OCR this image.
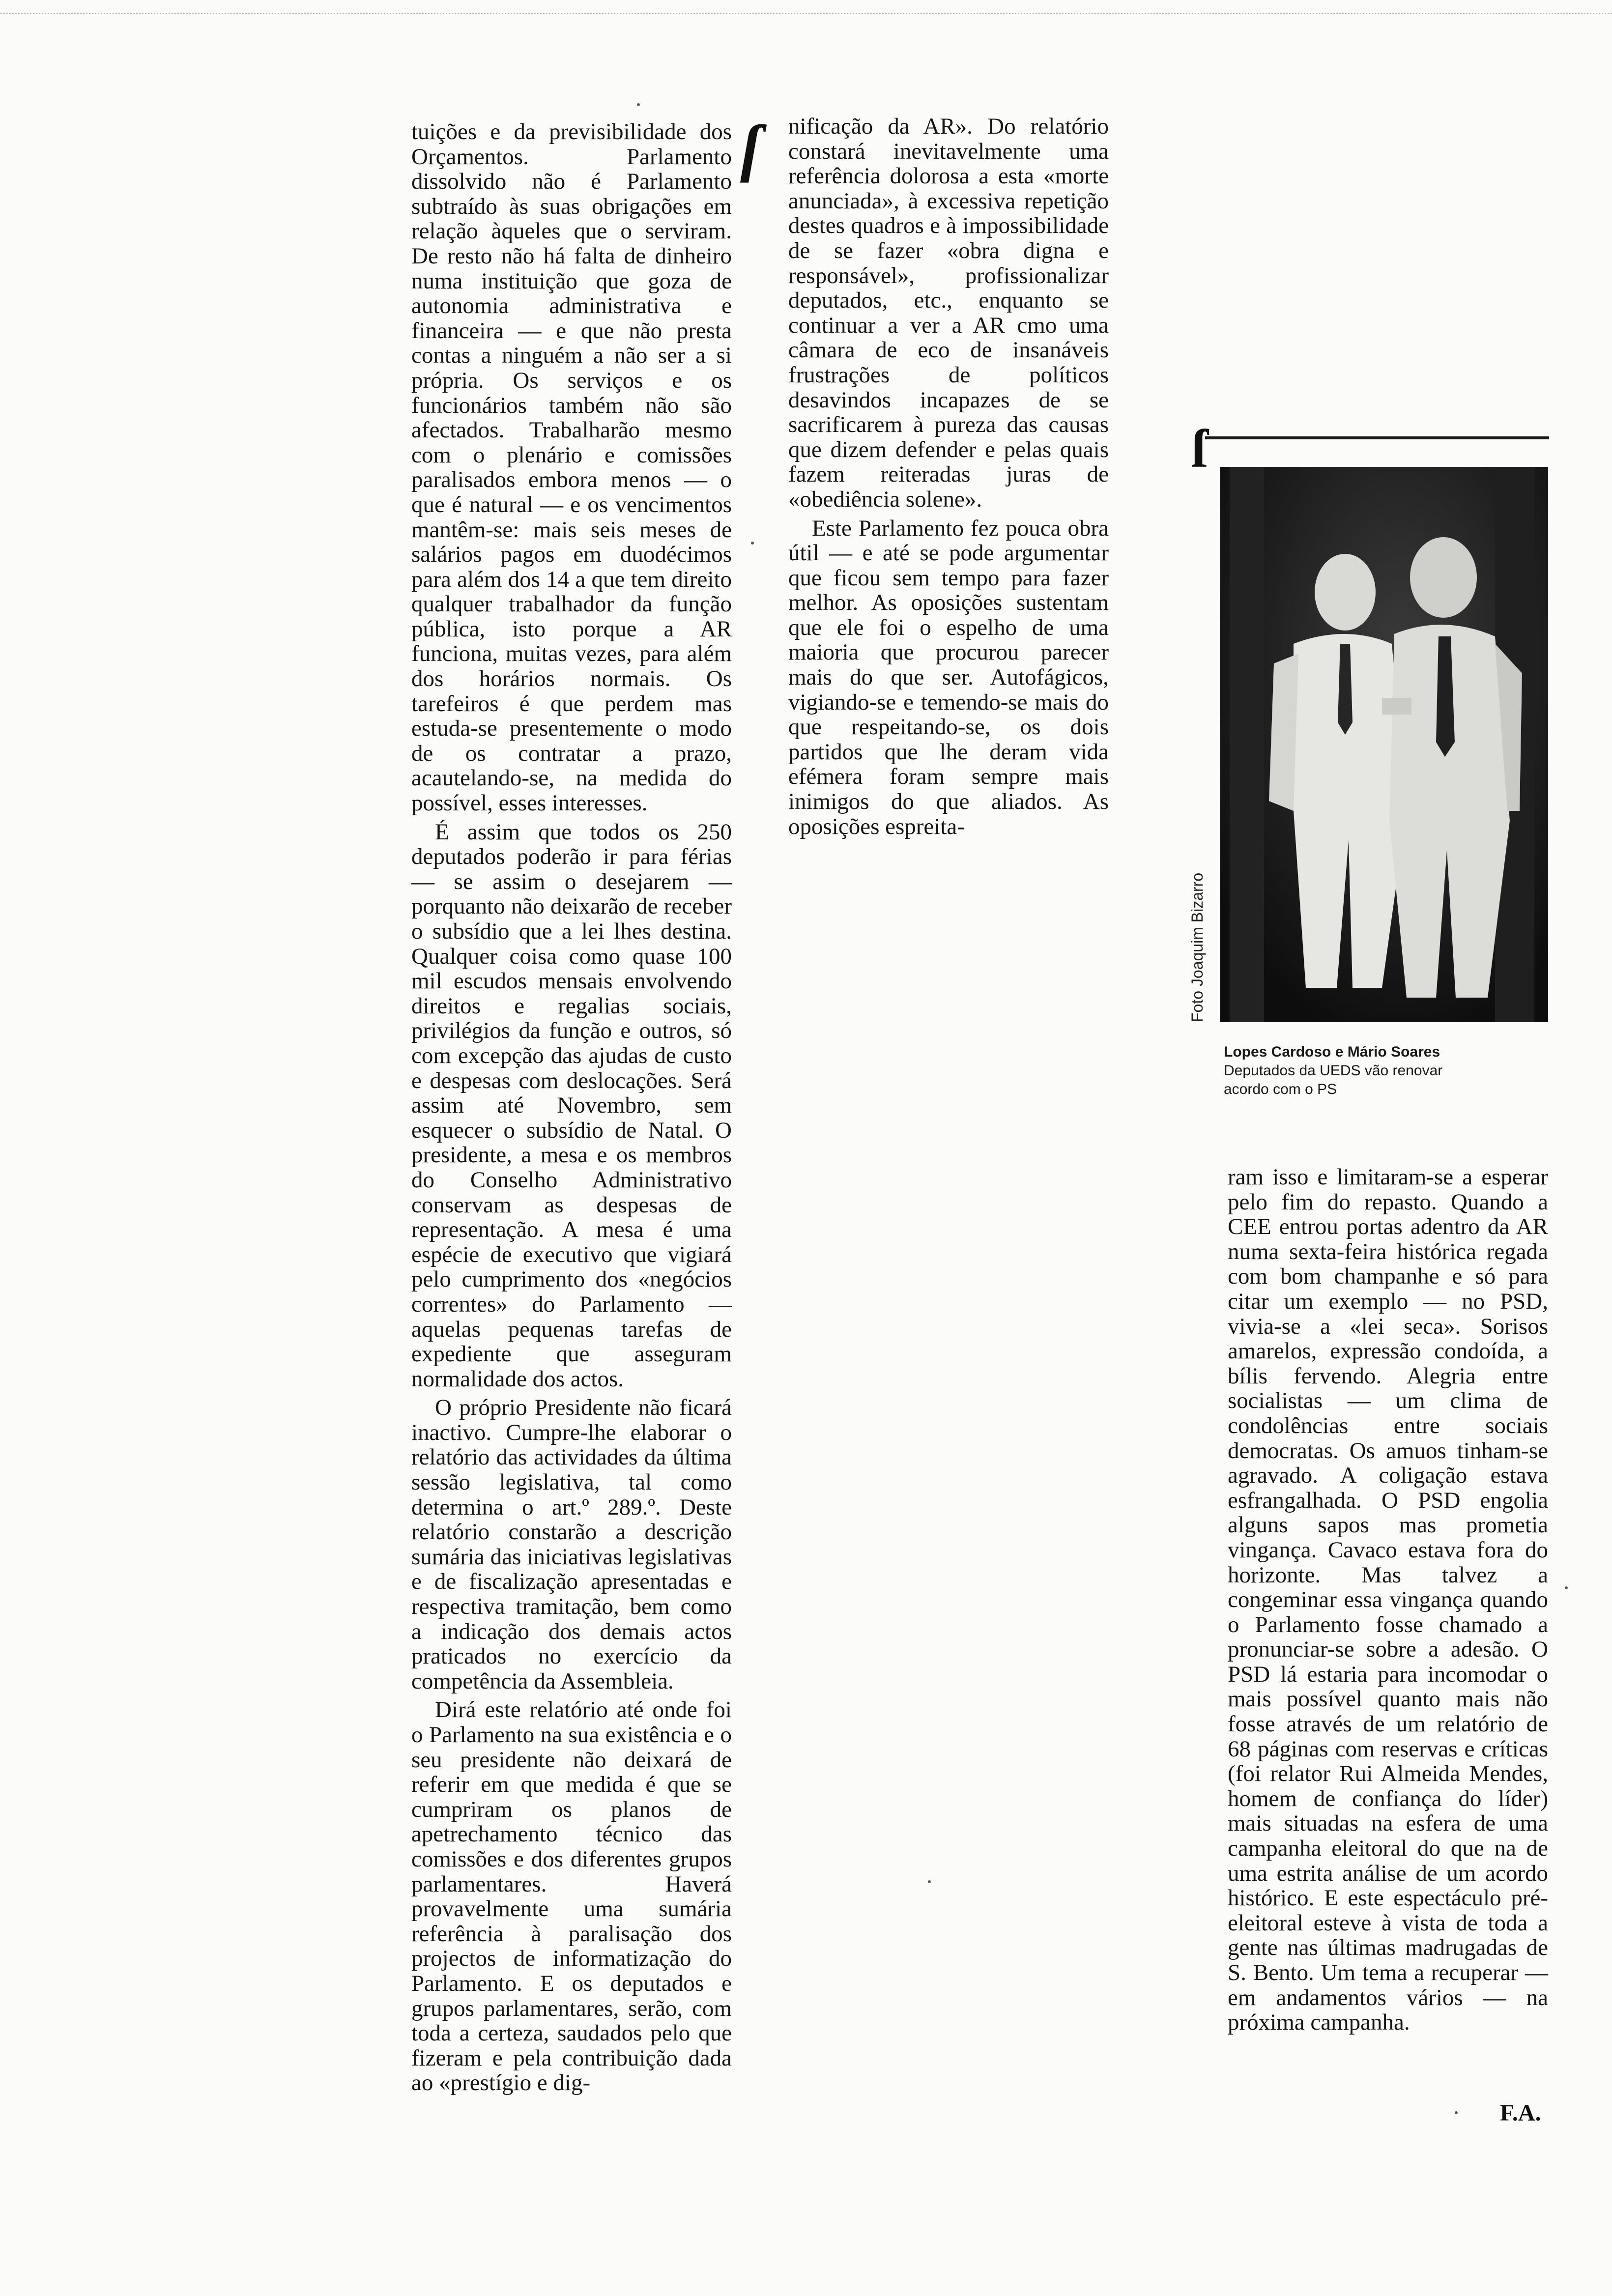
tuições e da previsibilidade dos Orçamentos. Parlamento dissolvido não é Parlamento subtraído às suas obrigações em relação àqueles que o serviram. De resto não há falta de dinheiro numa instituição que goza de autonomia administrativa e financeira — e que não presta contas a ninguém a não ser a si própria. Os serviços e os funcionários também não são afectados. Trabalharão mesmo com o plenário e comissões paralisados embora menos — o que é natural — e os vencimentos mantêm-se: mais seis meses de salários pagos em duodécimos para além dos 14 a que tem direito qualquer trabalhador da função pública, isto porque a AR funciona, muitas vezes, para além dos horários normais. Os tarefeiros é que perdem mas estuda-se presentemente o modo de os contratar a prazo, acautelando-se, na medida do possível, esses interesses.

É assim que todos os 250 deputados poderão ir para férias — se assim o desejarem — porquanto não deixarão de receber o subsídio que a lei lhes destina. Qualquer coisa como quase 100 mil escudos mensais envolvendo direitos e regalias sociais, privilégios da função e outros, só com excepção das ajudas de custo e despesas com deslocações. Será assim até Novembro, sem esquecer o subsídio de Natal. O presidente, a mesa e os membros do Conselho Administrativo conservam as despesas de representação. A mesa é uma espécie de executivo que vigiará pelo cumprimento dos «negócios correntes» do Parlamento — aquelas pequenas tarefas de expediente que asseguram normalidade dos actos.

O próprio Presidente não ficará inactivo. Cumpre-lhe elaborar o relatório das actividades da última sessão legislativa, tal como determina o art.º 289.º. Deste relatório constarão a descrição sumária das iniciativas legislativas e de fiscalização apresentadas e respectiva tramitação, bem como a indicação dos demais actos praticados no exercício da competência da Assembleia.

Dirá este relatório até onde foi o Parlamento na sua existência e o seu presidente não deixará de referir em que medida é que se cumpriram os planos de apetrechamento técnico das comissões e dos diferentes grupos parlamentares. Haverá provavelmente uma sumária referência à paralisação dos projectos de informatização do Parlamento. E os deputados e grupos parlamentares, serão, com toda a certeza, saudados pelo que fizeram e pela contribuição dada ao «prestígio e dig-

ſ nificação da AR». Do relatório constará inevitavelmente uma referência dolorosa a esta «morte anunciada», à excessiva repetição destes quadros e à impossibilidade de se fazer «obra digna e responsável», profissionalizar deputados, etc., enquanto se continuar a ver a AR cmo uma câmara de eco de insanáveis frustrações de políticos desavindos incapazes de se sacrificarem à pureza das causas que dizem defender e pelas quais fazem reiteradas juras de «obediência solene».

Este Parlamento fez pouca obra útil — e até se pode argumentar que ficou sem tempo para fazer melhor. As oposições sustentam que ele foi o espelho de uma maioria que procurou parecer mais do que ser. Autofágicos, vigiando-se e temendo-se mais do que respeitando-se, os dois partidos que lhe deram vida efémera foram sempre mais inimigos do que aliados. As oposições espreita-

ſ
Foto Joaquim Bizarro
Lopes Cardoso e Mário Soares
Deputados da UEDS vão renovar acordo com o PS

ram isso e limitaram-se a esperar pelo fim do repasto. Quando a CEE entrou portas adentro da AR numa sexta-feira histórica regada com bom champanhe e só para citar um exemplo — no PSD, vivia-se a «lei seca». Sorisos amarelos, expressão condoída, a bílis fervendo. Alegria entre socialistas — um clima de condolências entre sociais democratas. Os amuos tinham-se agravado. A coligação estava esfrangalhada. O PSD engolia alguns sapos mas prometia vingança. Cavaco estava fora do horizonte. Mas talvez a congeminar essa vingança quando o Parlamento fosse chamado a pronunciar-se sobre a adesão. O PSD lá estaria para incomodar o mais possível quanto mais não fosse através de um relatório de 68 páginas com reservas e críticas (foi relator Rui Almeida Mendes, homem de confiança do líder) mais situadas na esfera de uma campanha eleitoral do que na de uma estrita análise de um acordo histórico. E este espectáculo pré-eleitoral esteve à vista de toda a gente nas últimas madrugadas de S. Bento. Um tema a recuperar — em andamentos vários — na próxima campanha.

F.A.
